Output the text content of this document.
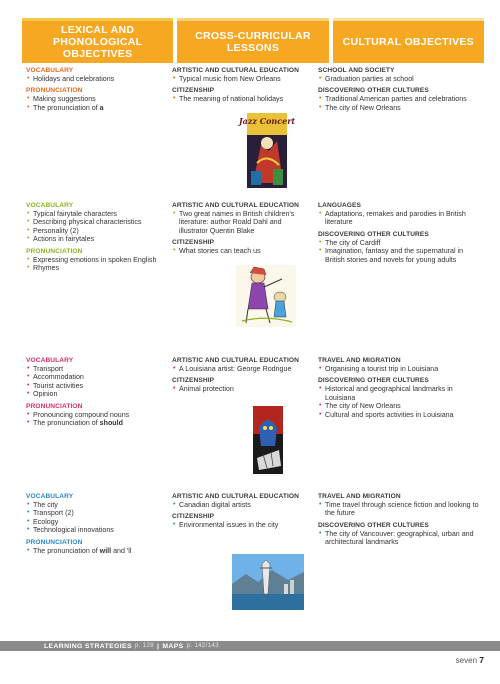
LEXICAL AND PHONOLOGICAL OBJECTIVES
CROSS-CURRICULAR LESSONS	CULTURAL OBJECTIVES
VOCABULARY
• Holidays and celebrations
PRONUNCIATION
• Making suggestions
• The pronunciation of a
ARTISTIC AND CULTURAL EDUCATION
• Typical music from New Orleans
CITIZENSHIP
• The meaning of national holidays
SCHOOL AND SOCIETY
• Graduation parties at school
DISCOVERING OTHER CULTURES
• Traditional American parties and celebrations
• The city of New Orleans
Jazz Concert
VOCABULARY
• Typical fairytale characters
• Describing physical characteristics
• Personality (2)
• Actions in fairytales
PRONUNCIATION
• Expressing emotions in spoken English
• Rhymes
ARTISTIC AND CULTURAL EDUCATION
• Two great names in British children's literature: author Roald Dahl and illustrator Quentin Blake
CITIZENSHIP
• What stories can teach us
LANGUAGES
• Adaptations, remakes and parodies in British literature
DISCOVERING OTHER CULTURES
• The city of Cardiff
• Imagination, fantasy and the supernatural in British stories and novels for young adults
VOCABULARY
• Transport
• Accommodation
• Tourist activities
• Opinion
PRONUNCIATION
• Pronouncing compound nouns
• The pronunciation of should
ARTISTIC AND CULTURAL EDUCATION
• A Louisiana artist: George Rodrigue
CITIZENSHIP
• Animal protection
TRAVEL AND MIGRATION
• Organising a tourist trip in Louisiana
DISCOVERING OTHER CULTURES
• Historical and geographical landmarks in Louisiana
• The city of New Orleans
• Cultural and sports activities in Louisiana
VOCABULARY
• The city
• Transport (2)
• Ecology
• Technological innovations
PRONUNCIATION
• The pronunciation of will and 'll
ARTISTIC AND CULTURAL EDUCATION
• Canadian digital artists
CITIZENSHIP
• Environmental issues in the city
TRAVEL AND MIGRATION
• Time travel through science fiction and looking to the future
DISCOVERING OTHER CULTURES
• The city of Vancouver: geographical, urban and architectural landmarks
LEARNING STRATEGIES p. 128 | MAPS p. 142/143
seven 7
